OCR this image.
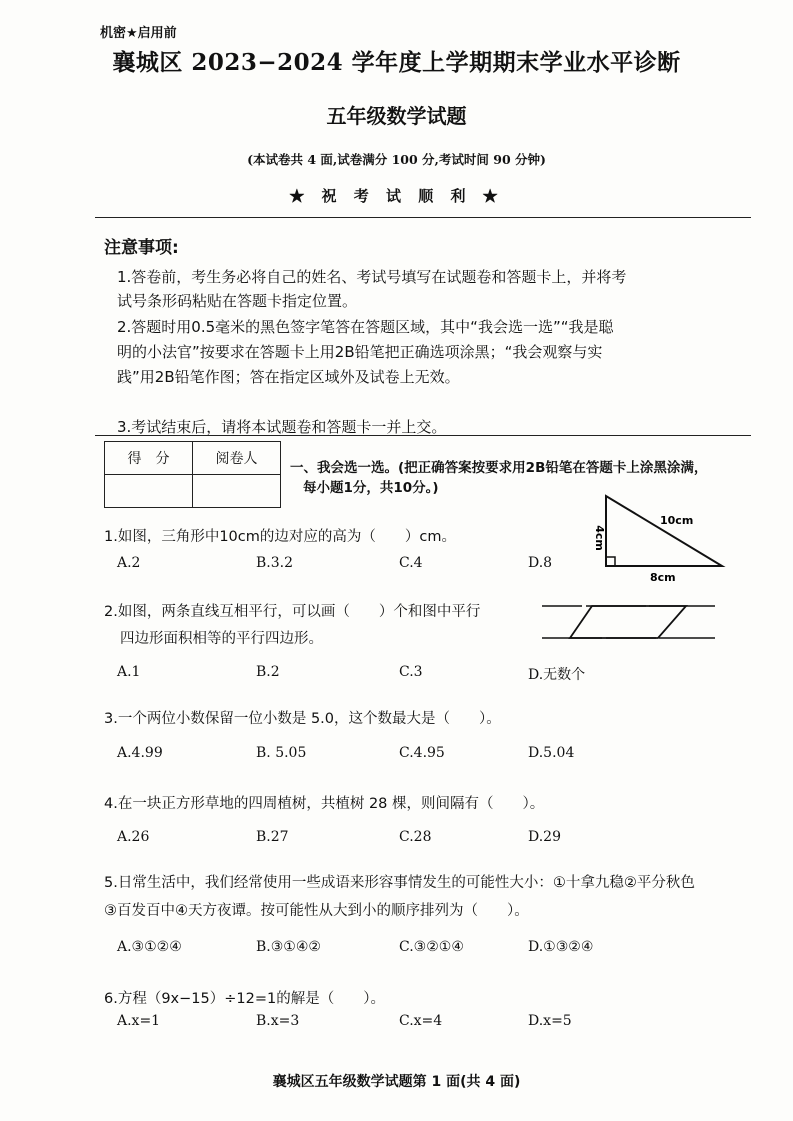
机密★启用前
襄城区 2023−2024 学年度上学期期末学业水平诊断
五年级数学试题
(本试卷共 4 面,试卷满分 100 分,考试时间 90 分钟)
★ 祝 考 试 顺 利 ★
注意事项:
1.答卷前，考生务必将自己的姓名、考试号填写在试题卷和答题卡上，并将考
试号条形码粘贴在答题卡指定位置。
2.答题时用0.5毫米的黑色签字笔答在答题区域，其中“我会选一选”“我是聪
明的小法官”按要求在答题卡上用2B铅笔把正确选项涂黑；“我会观察与实
践”用2B铅笔作图；答在指定区域外及试卷上无效。
3.考试结束后，请将本试题卷和答题卡一并上交。
得　分	阅卷人

一、我会选一选。(把正确答案按要求用2B铅笔在答题卡上涂黑涂满，
每小题1分，共10分。)
10cm
4cm
8cm
1.如图，三角形中10cm的边对应的高为（　　）cm。
A.2	B.3.2	C.4	D.8
2.如图，两条直线互相平行，可以画（　　）个和图中平行
四边形面积相等的平行四边形。
A.1	B.2	C.3	D.无数个
3.一个两位小数保留一位小数是 5.0，这个数最大是（　　）。
A.4.99	B. 5.05	C.4.95	D.5.04
4.在一块正方形草地的四周植树，共植树 28 棵，则间隔有（　　）。
A.26	B.27	C.28	D.29
5.日常生活中，我们经常使用一些成语来形容事情发生的可能性大小：①十拿九稳②平分秋色
③百发百中④天方夜谭。按可能性从大到小的顺序排列为（　　）。
A.③①②④	B.③①④②	C.③②①④	D.①③②④
6.方程（9x−15）÷12=1的解是（　　）。
A.x=1	B.x=3	C.x=4	D.x=5
襄城区五年级数学试题第 1 面(共 4 面)
